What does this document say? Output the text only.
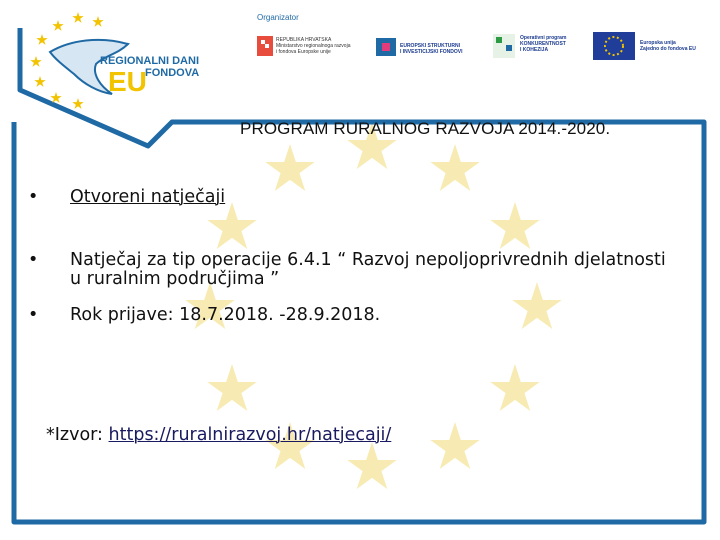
REGIONALNI DANI
EU
FONDOVA
Organizator
REPUBLIKA HRVATSKA
Ministarstvo regionalnoga razvoja
i fondova Europske unije
EUROPSKI STRUKTURNI
I INVESTICIJSKI FONDOVI
Operativni program
KONKURENTNOST
I KOHEZIJA
Europska unija
Zajedno do fondova EU
PROGRAM RURALNOG RAZVOJA 2014.-2020.
• Otvoreni natječaji
• Natječaj za tip operacije 6.4.1 “ Razvoj nepoljoprivrednih djelatnosti u ruralnim područjima ”
• Rok prijave: 18.7.2018. -28.9.2018.
*Izvor: https://ruralnirazvoj.hr/natjecaji/
